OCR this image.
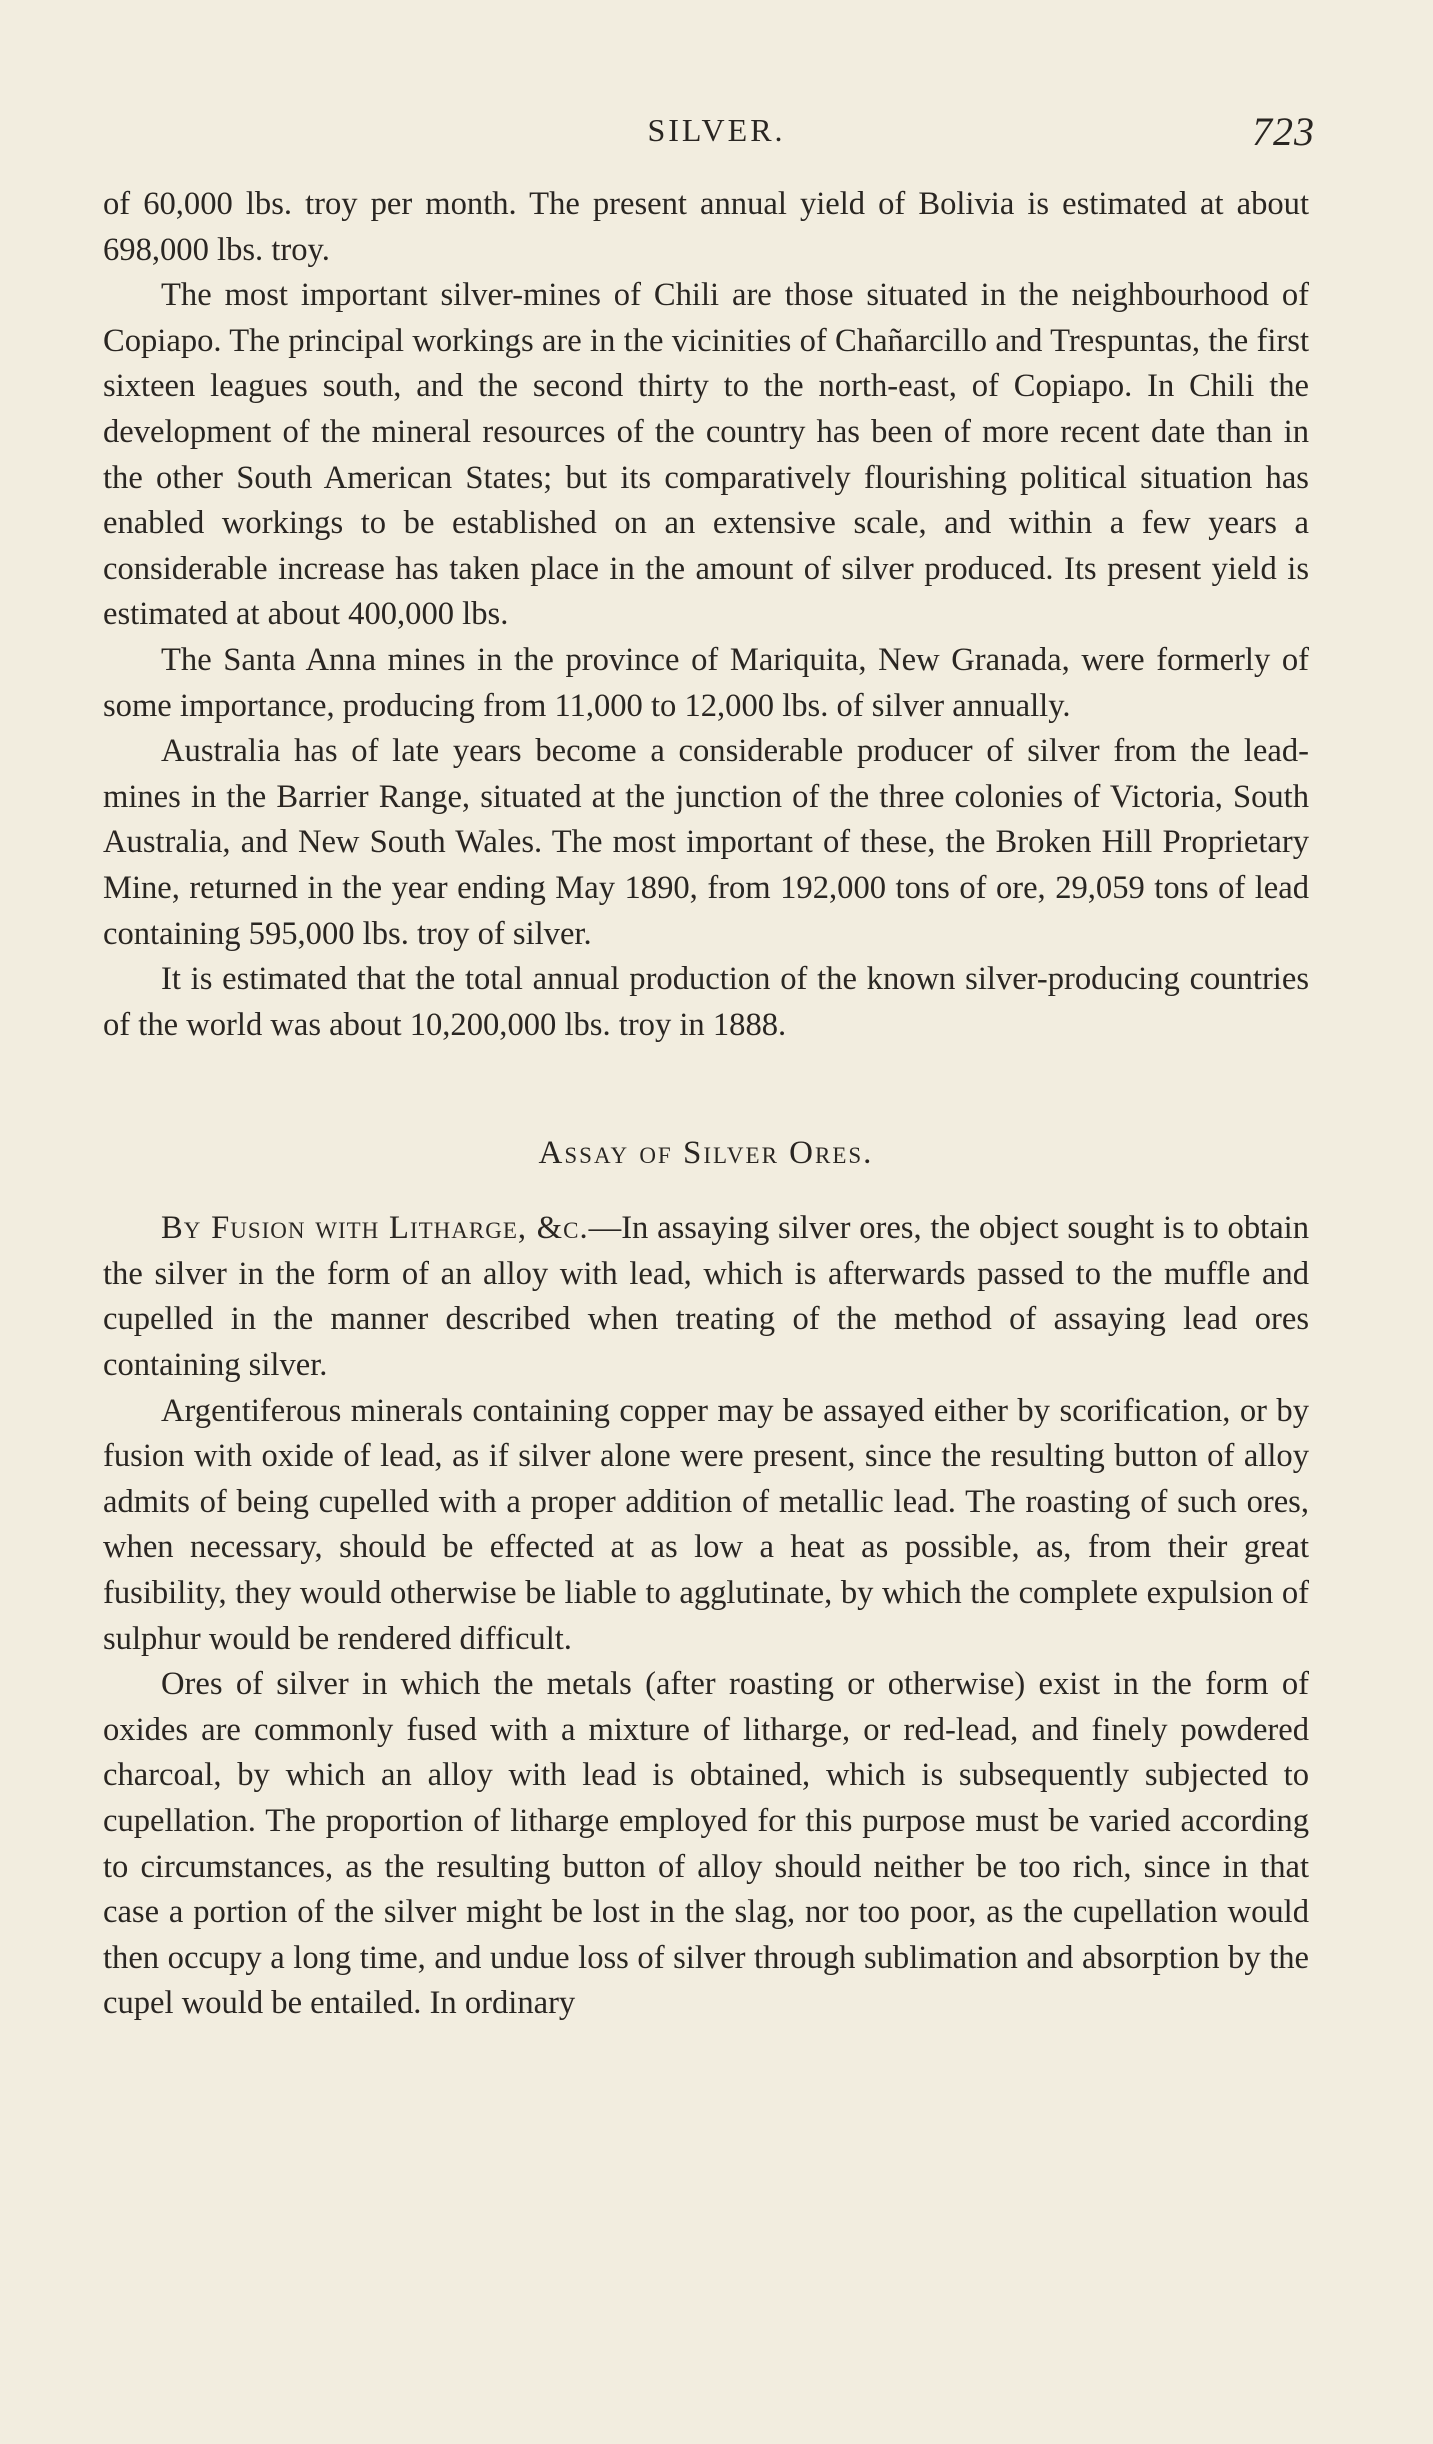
SILVER.	723

of 60,000 lbs. troy per month. The present annual yield of Bolivia is estimated at about 698,000 lbs. troy.

The most important silver-mines of Chili are those situated in the neighbourhood of Copiapo. The principal workings are in the vicinities of Chañarcillo and Trespuntas, the first sixteen leagues south, and the second thirty to the north-east, of Copiapo. In Chili the development of the mineral resources of the country has been of more recent date than in the other South American States; but its comparatively flourishing political situation has enabled workings to be established on an extensive scale, and within a few years a considerable increase has taken place in the amount of silver produced. Its present yield is estimated at about 400,000 lbs.

The Santa Anna mines in the province of Mariquita, New Granada, were formerly of some importance, producing from 11,000 to 12,000 lbs. of silver annually.

Australia has of late years become a considerable producer of silver from the lead-mines in the Barrier Range, situated at the junction of the three colonies of Victoria, South Australia, and New South Wales. The most important of these, the Broken Hill Proprietary Mine, returned in the year ending May 1890, from 192,000 tons of ore, 29,059 tons of lead containing 595,000 lbs. troy of silver.

It is estimated that the total annual production of the known silver-producing countries of the world was about 10,200,000 lbs. troy in 1888.

Assay of Silver Ores.

By Fusion with Litharge, &c.—In assaying silver ores, the object sought is to obtain the silver in the form of an alloy with lead, which is afterwards passed to the muffle and cupelled in the manner described when treating of the method of assaying lead ores containing silver.

Argentiferous minerals containing copper may be assayed either by scorification, or by fusion with oxide of lead, as if silver alone were present, since the resulting button of alloy admits of being cupelled with a proper addition of metallic lead. The roasting of such ores, when necessary, should be effected at as low a heat as possible, as, from their great fusibility, they would otherwise be liable to agglutinate, by which the complete expulsion of sulphur would be rendered difficult.

Ores of silver in which the metals (after roasting or otherwise) exist in the form of oxides are commonly fused with a mixture of litharge, or red-lead, and finely powdered charcoal, by which an alloy with lead is obtained, which is subsequently subjected to cupellation. The proportion of litharge employed for this purpose must be varied according to circumstances, as the resulting button of alloy should neither be too rich, since in that case a portion of the silver might be lost in the slag, nor too poor, as the cupellation would then occupy a long time, and undue loss of silver through sublimation and absorption by the cupel would be entailed. In ordinary
